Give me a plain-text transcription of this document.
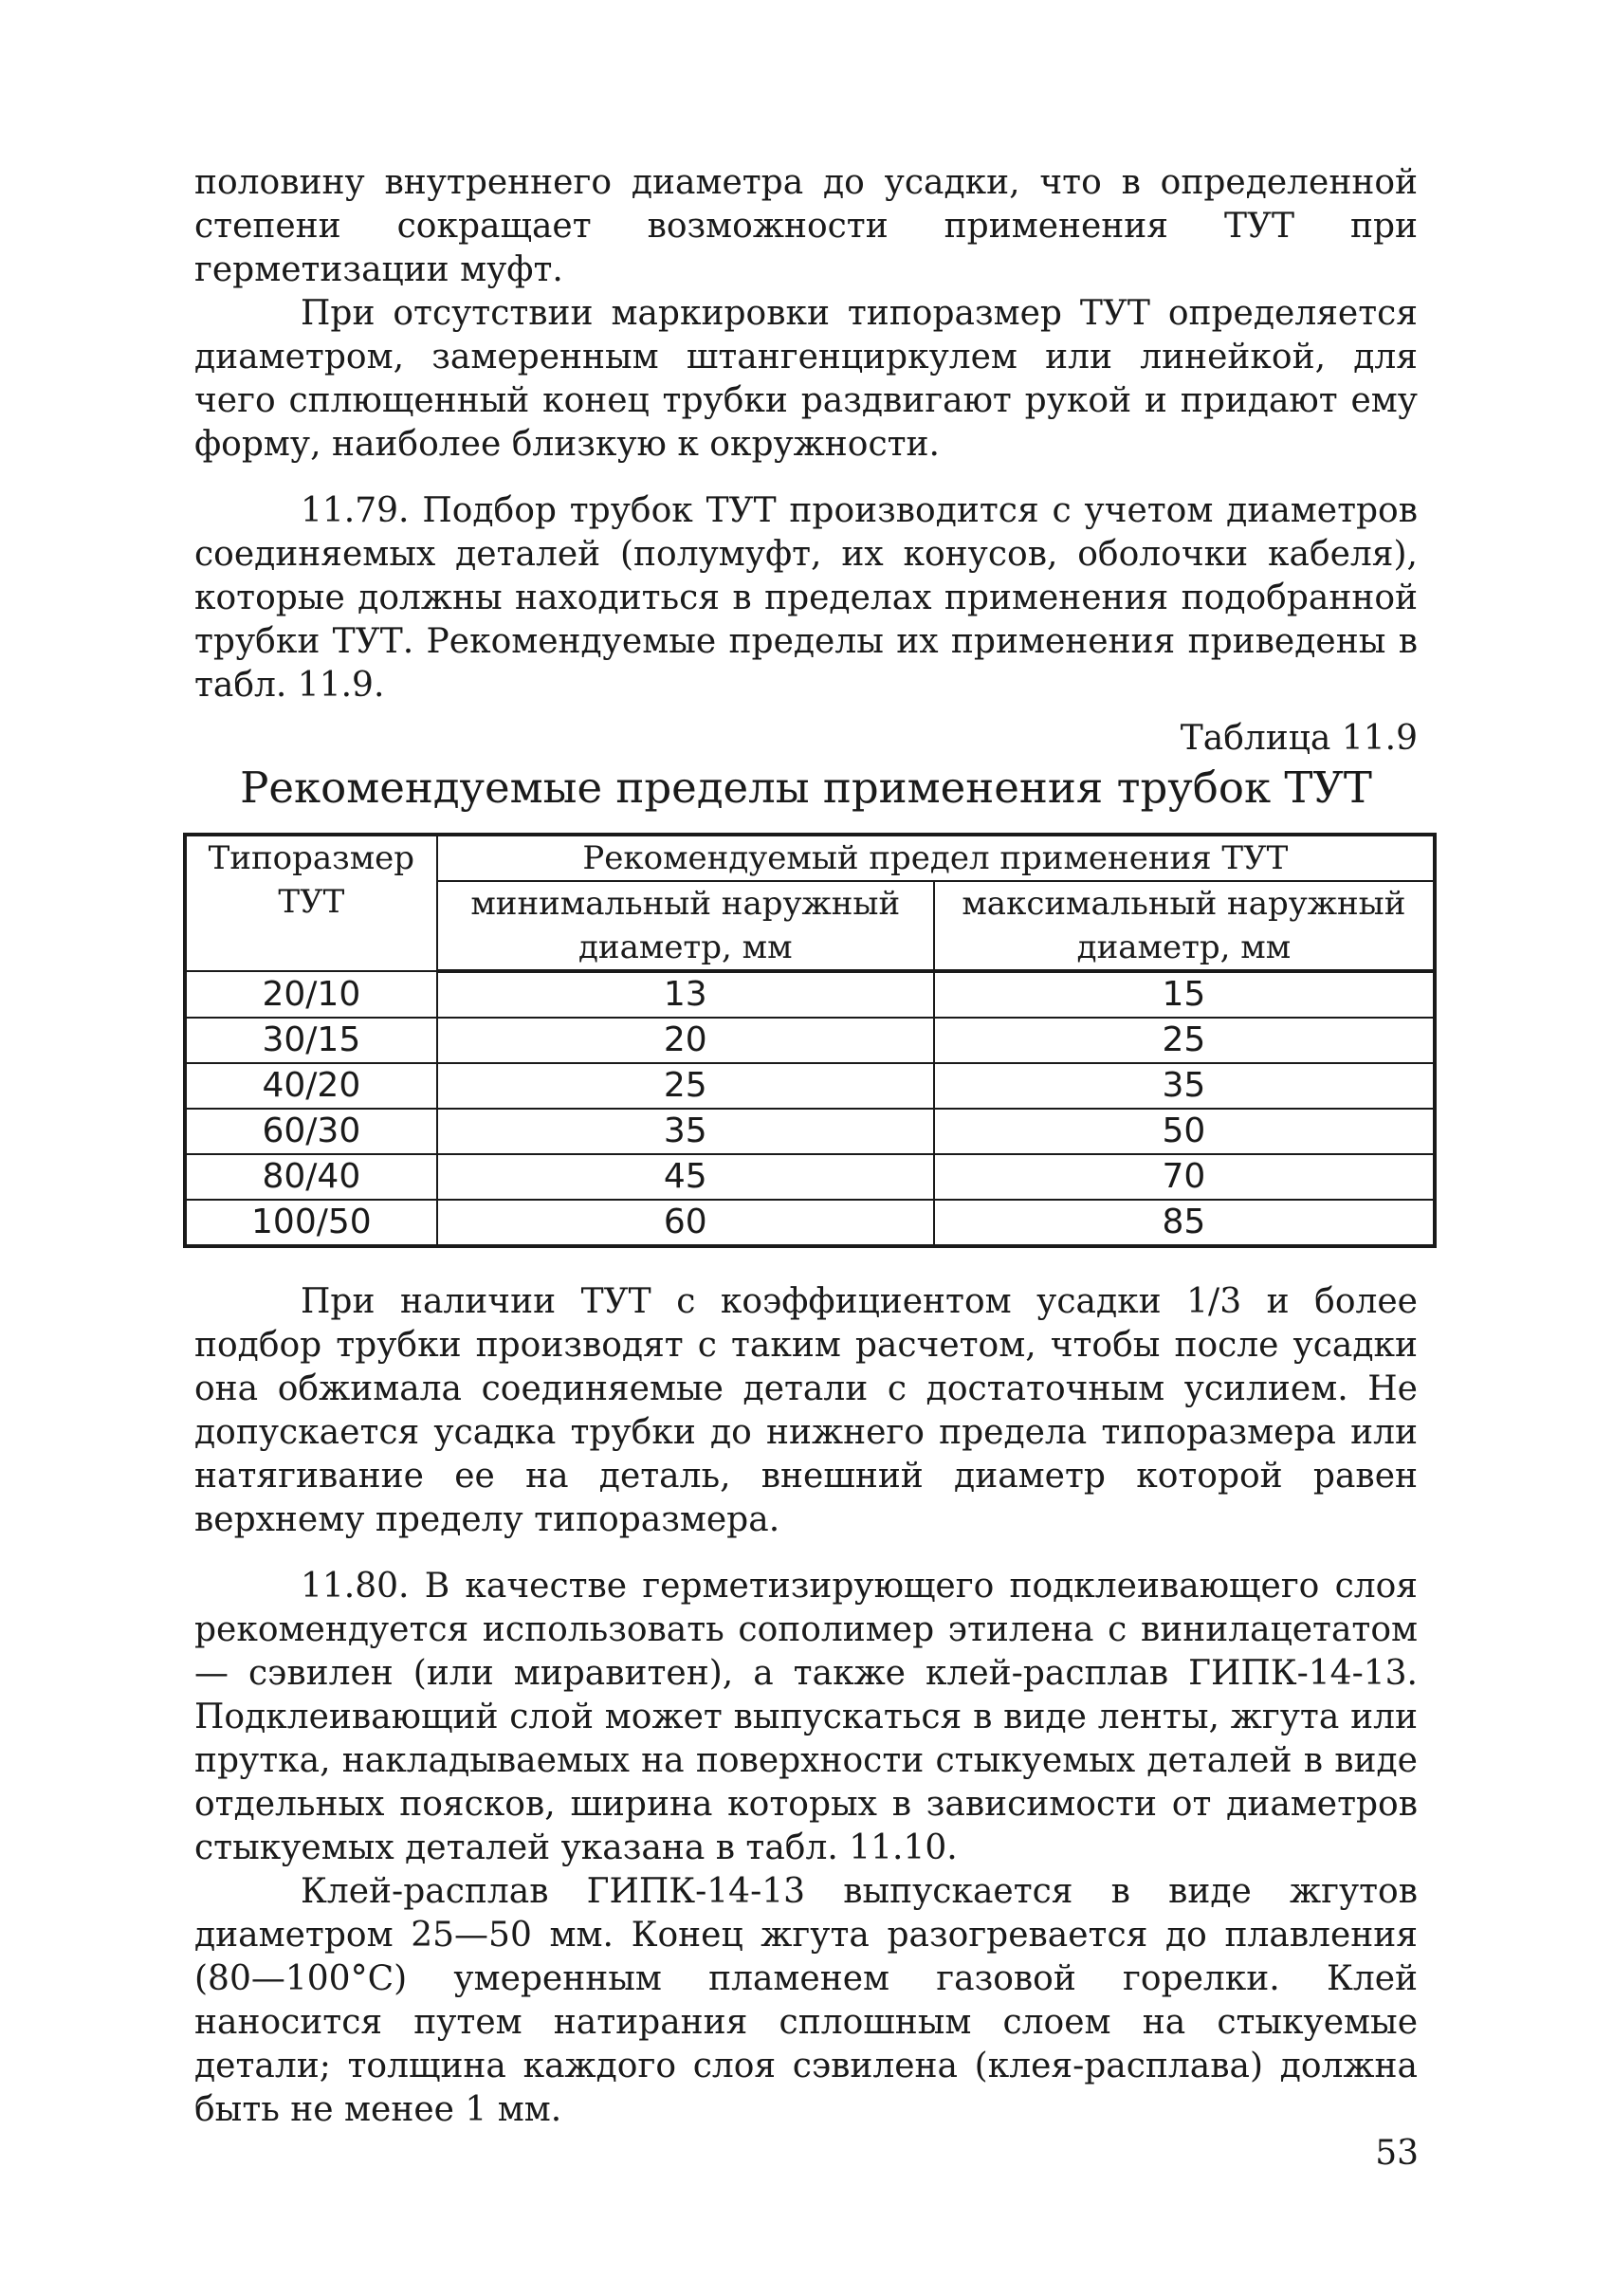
половину внутреннего диаметра до усадки, что в определенной степени сокращает возможности применения ТУТ при герметизации муфт.

При отсутствии маркировки типоразмер ТУТ определяется диаметром, замеренным штангенциркулем или линейкой, для чего сплющенный конец трубки раздвигают рукой и придают ему форму, наиболее близкую к окружности.

11.79. Подбор трубок ТУТ производится с учетом диаметров соединяемых деталей (полумуфт, их конусов, оболочки кабеля), которые должны находиться в пределах применения подобранной трубки ТУТ. Рекомендуемые пределы их применения приведены в табл. 11.9.

Таблица 11.9
Рекомендуемые пределы применения трубок ТУТ
Типоразмер ТУТ	Рекомендуемый предел применения ТУТ	
	минимальный наружный диаметр, мм	максимальный наружный диаметр, мм
20/10	13	15
30/15	20	25
40/20	25	35
60/30	35	50
80/40	45	70
100/50	60	85

При наличии ТУТ с коэффициентом усадки 1/3 и более подбор трубки производят с таким расчетом, чтобы после усадки она обжимала соединяемые детали с достаточным усилием. Не допускается усадка трубки до нижнего предела типоразмера или натягивание ее на деталь, внешний диаметр которой равен верхнему пределу типоразмера.

11.80. В качестве герметизирующего подклеивающего слоя рекомендуется использовать сополимер этилена с винилацетатом — сэвилен (или миравитен), а также клей-расплав ГИПК-14-13. Подклеивающий слой может выпускаться в виде ленты, жгута или прутка, накладываемых на поверхности стыкуемых деталей в виде отдельных поясков, ширина которых в зависимости от диаметров стыкуемых деталей указана в табл. 11.10.

Клей-расплав ГИПК-14-13 выпускается в виде жгутов диаметром 25—50 мм. Конец жгута разогревается до плавления (80—100°С) умеренным пламенем газовой горелки. Клей наносится путем натирания сплошным слоем на стыкуемые детали; толщина каждого слоя сэвилена (клея-расплава) должна быть не менее 1 мм.

53
